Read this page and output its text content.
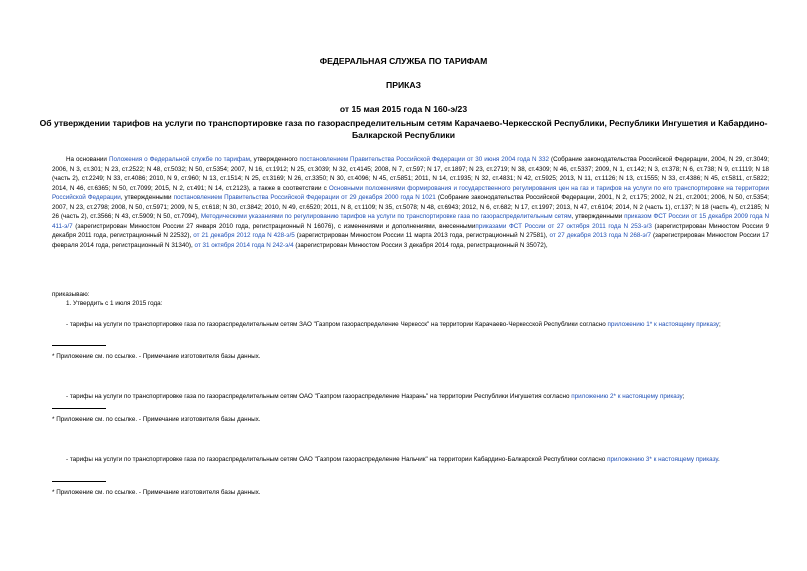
ФЕДЕРАЛЬНАЯ СЛУЖБА ПО ТАРИФАМ
ПРИКАЗ
от 15 мая 2015 года N 160-э/23
Об утверждении тарифов на услуги по транспортировке газа по газораспределительным сетям Карачаево-Черкесской Республики, Республики Ингушетия и Кабардино-Балкарской Республики
На основании Положения о Федеральной службе по тарифам, утвержденного постановлением Правительства Российской Федерации от 30 июня 2004 года N 332 (Собрание законодательства Российской Федерации, 2004, N 29, ст.3049; 2006, N 3, ст.301; N 23, ст.2522; N 48, ст.5032; N 50, ст.5354; 2007, N 16, ст.1912; N 25, ст.3039; N 32, ст.4145; 2008, N 7, ст.597; N 17, ст.1897; N 23, ст.2719; N 38, ст.4309; N 46, ст.5337; 2009, N 1, ст.142; N 3, ст.378; N 6, ст.738; N 9, ст.1119; N 18 (часть 2), ст.2249; N 33, ст.4086; 2010, N 9, ст.960; N 13, ст.1514; N 25, ст.3169; N 26, ст.3350; N 30, ст.4096; N 45, ст.5851; 2011, N 14, ст.1935; N 32, ст.4831; N 42, ст.5925; 2013, N 11, ст.1126; N 13, ст.1555; N 33, ст.4386; N 45, ст.5811, ст.5822; 2014, N 46, ст.6365; N 50, ст.7099; 2015, N 2, ст.491; N 14, ст.2123), а также в соответствии с Основными положениями формирования и государственного регулирования цен на газ и тарифов на услуги по его транспортировке на территории Российской Федерации, утвержденными постановлением Правительства Российской Федерации от 29 декабря 2000 года N 1021 (Собрание законодательства Российской Федерации, 2001, N 2, ст.175; 2002, N 21, ст.2001; 2006, N 50, ст.5354; 2007, N 23, ст.2798; 2008, N 50, ст.5971; 2009, N 5, ст.618; N 30, ст.3842; 2010, N 49, ст.6520; 2011, N 8, ст.1109; N 35, ст.5078; N 48, ст.6943; 2012, N 6, ст.682; N 17, ст.1997; 2013, N 47, ст.6104; 2014, N 2 (часть 1), ст.137; N 18 (часть 4), ст.2185; N 26 (часть 2), ст.3566; N 43, ст.5909; N 50, ст.7094), Методическими указаниями по регулированию тарифов на услуги по транспортировке газа по газораспределительным сетям, утвержденными приказом ФСТ России от 15 декабря 2009 года N 411-э/7 (зарегистрирован Минюстом России 27 января 2010 года, регистрационный N 16076), с изменениями и дополнениями, внесеннымиприказами ФСТ России от 27 октября 2011 года N 253-э/3 (зарегистрирован Минюстом России 9 декабря 2011 года, регистрационный N 22532), от 21 декабря 2012 года N 428-э/5 (зарегистрирован Минюстом России 11 марта 2013 года, регистрационный N 27581), от 27 декабря 2013 года N 268-э/7 (зарегистрирован Минюстом России 17 февраля 2014 года, регистрационный N 31340), от 31 октября 2014 года N 242-э/4 (зарегистрирован Минюстом России 3 декабря 2014 года, регистрационный N 35072),
приказываю:
1. Утвердить с 1 июля 2015 года:
- тарифы на услуги по транспортировке газа по газораспределительным сетям ЗАО "Газпром газораспределение Черкесск" на территории Карачаево-Черкесской Республики согласно приложению 1* к настоящему приказу;
* Приложение см. по ссылке. - Примечание изготовителя базы данных.
- тарифы на услуги по транспортировке газа по газораспределительным сетям ОАО "Газпром газораспределение Назрань" на территории Республики Ингушетия согласно приложению 2* к настоящему приказу;
* Приложение см. по ссылке. - Примечание изготовителя базы данных.
- тарифы на услуги по транспортировке газа по газораспределительным сетям ОАО "Газпром газораспределение Нальчик" на территории Кабардино-Балкарской Республики согласно приложению 3* к настоящему приказу.
* Приложение см. по ссылке. - Примечание изготовителя базы данных.
